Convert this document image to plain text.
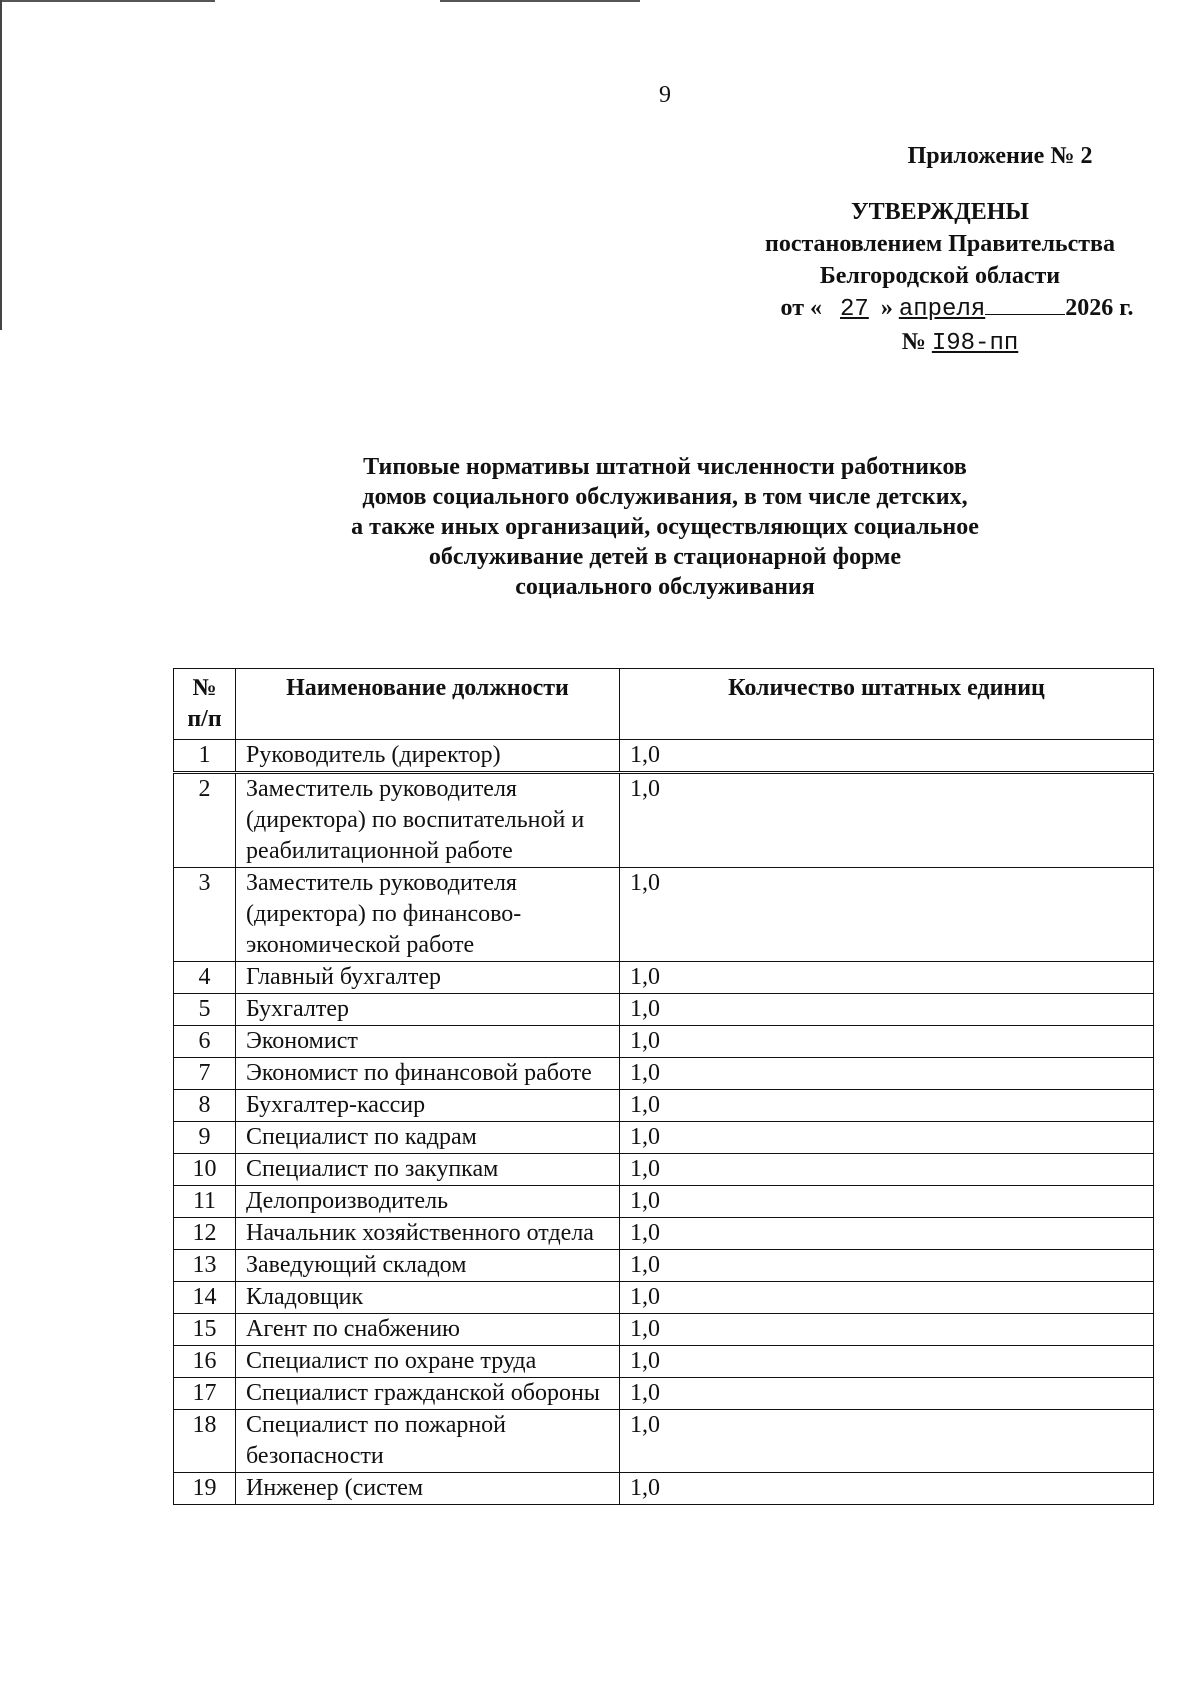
9
Приложение № 2
УТВЕРЖДЕНЫ
постановлением Правительства
Белгородской области
от « 27 » апреля	2026 г.
№ I98-пп
Типовые нормативы штатной численности работников
домов социального обслуживания, в том числе детских,
а также иных организаций, осуществляющих социальное
обслуживание детей в стационарной форме
социального обслуживания
№ п/п	Наименование должности	Количество штатных единиц
1	Руководитель (директор)	1,0
2	Заместитель руководителя (директора) по воспитательной и реабилитационной работе	1,0
3	Заместитель руководителя (директора) по финансово-экономической работе	1,0
4	Главный бухгалтер	1,0
5	Бухгалтер	1,0
6	Экономист	1,0
7	Экономист по финансовой работе	1,0
8	Бухгалтер-кассир	1,0
9	Специалист по кадрам	1,0
10	Специалист по закупкам	1,0
11	Делопроизводитель	1,0
12	Начальник хозяйственного отдела	1,0
13	Заведующий складом	1,0
14	Кладовщик	1,0
15	Агент по снабжению	1,0
16	Специалист по охране труда	1,0
17	Специалист гражданской обороны	1,0
18	Специалист по пожарной безопасности	1,0
19	Инженер (систем	1,0
